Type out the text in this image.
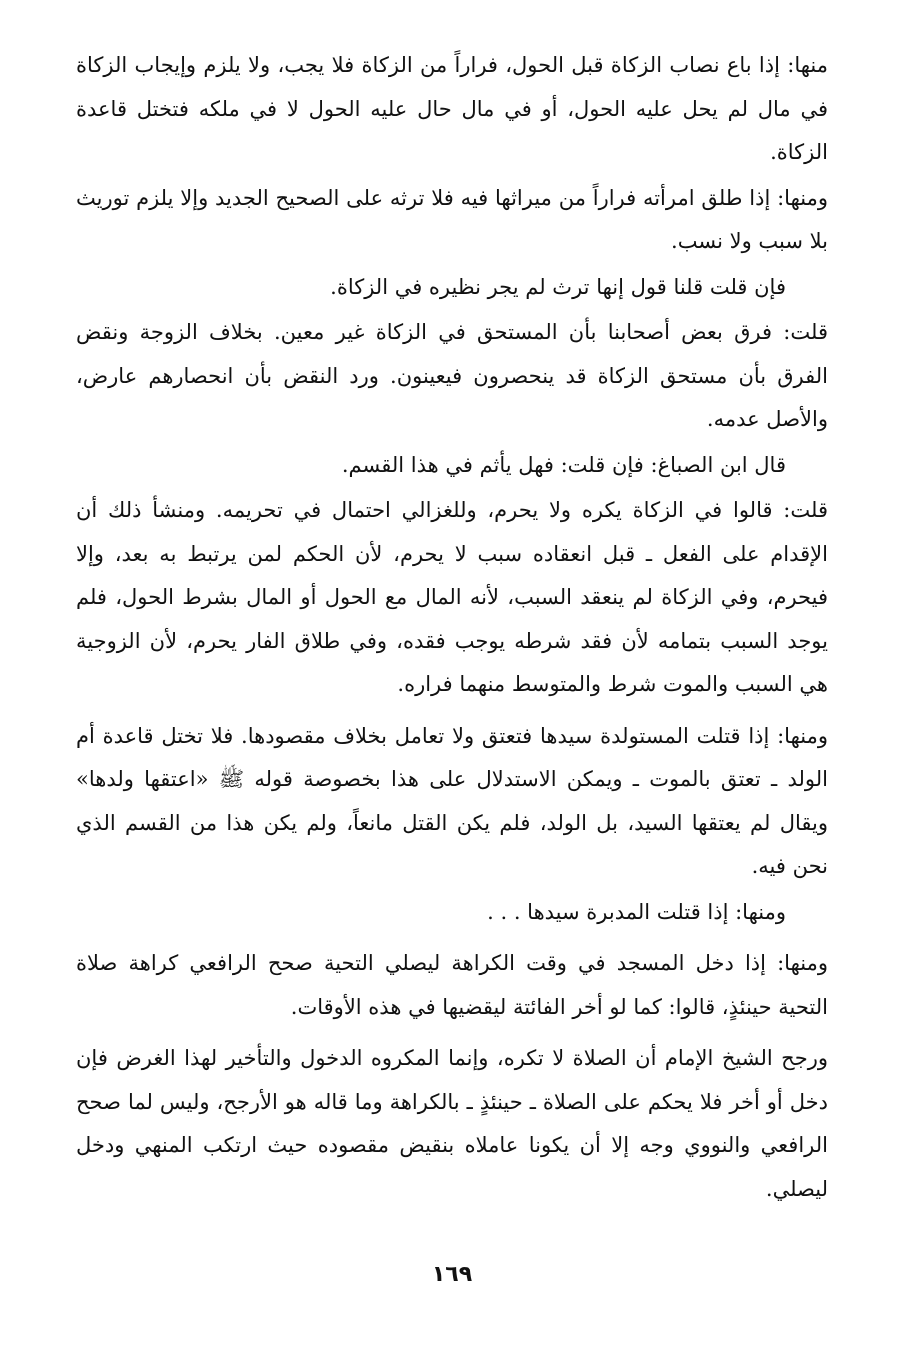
منها: إذا باع نصاب الزكاة قبل الحول، فراراً من الزكاة فلا يجب، ولا يلزم وإيجاب الزكاة في مال لم يحل عليه الحول، أو في مال حال عليه الحول لا في ملكه فتختل قاعدة الزكاة.

ومنها: إذا طلق امرأته فراراً من ميراثها فيه فلا ترثه على الصحيح الجديد وإلا يلزم توريث بلا سبب ولا نسب.

فإن قلت قلنا قول إنها ترث لم يجر نظيره في الزكاة.

قلت: فرق بعض أصحابنا بأن المستحق في الزكاة غير معين. بخلاف الزوجة ونقض الفرق بأن مستحق الزكاة قد ينحصرون فيعينون. ورد النقض بأن انحصارهم عارض، والأصل عدمه.

قال ابن الصباغ: فإن قلت: فهل يأثم في هذا القسم.

قلت: قالوا في الزكاة يكره ولا يحرم، وللغزالي احتمال في تحريمه. ومنشأ ذلك أن الإقدام على الفعل ـ قبل انعقاده سبب لا يحرم، لأن الحكم لمن يرتبط به بعد، وإلا فيحرم، وفي الزكاة لم ينعقد السبب، لأنه المال مع الحول أو المال بشرط الحول، فلم يوجد السبب بتمامه لأن فقد شرطه يوجب فقده، وفي طلاق الفار يحرم، لأن الزوجية هي السبب والموت شرط والمتوسط منهما فراره.

ومنها: إذا قتلت المستولدة سيدها فتعتق ولا تعامل بخلاف مقصودها. فلا تختل قاعدة أم الولد ـ تعتق بالموت ـ ويمكن الاستدلال على هذا بخصوصة قوله ﷺ «اعتقها ولدها» ويقال لم يعتقها السيد، بل الولد، فلم يكن القتل مانعاً، ولم يكن هذا من القسم الذي نحن فيه.

ومنها: إذا قتلت المدبرة سيدها . . .

ومنها: إذا دخل المسجد في وقت الكراهة ليصلي التحية صحح الرافعي كراهة صلاة التحية حينئذٍ، قالوا: كما لو أخر الفائتة ليقضيها في هذه الأوقات.

ورجح الشيخ الإمام أن الصلاة لا تكره، وإنما المكروه الدخول والتأخير لهذا الغرض فإن دخل أو أخر فلا يحكم على الصلاة ـ حينئذٍ ـ بالكراهة وما قاله هو الأرجح، وليس لما صحح الرافعي والنووي وجه إلا أن يكونا عاملاه بنقيض مقصوده حيث ارتكب المنهي ودخل ليصلي.

١٦٩
